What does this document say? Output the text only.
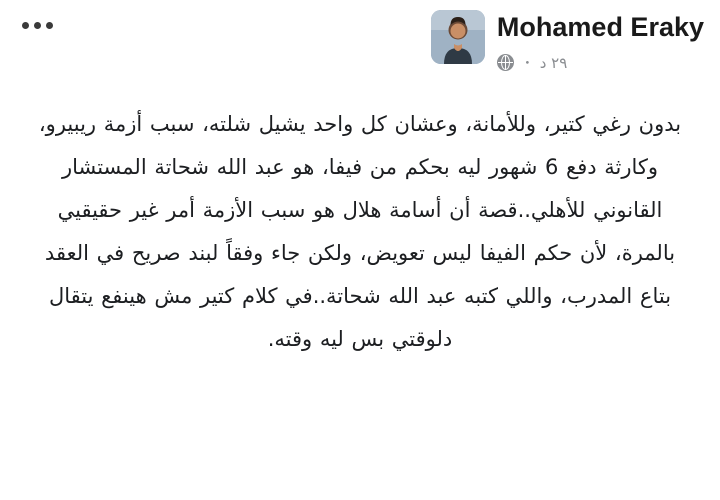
Mohamed Eraky
٢٩ د ・
بدون رغي كتير، وللأمانة، وعشان كل واحد يشيل شلته، سبب أزمة ريبيرو، وكارثة دفع 6 شهور ليه بحكم من فيفا، هو عبد الله شحاتة المستشار القانوني للأهلي..قصة أن أسامة هلال هو سبب الأزمة أمر غير حقيقيي بالمرة، لأن حكم الفيفا ليس تعويض، ولكن جاء وفقاً لبند صريح في العقد بتاع المدرب، واللي كتبه عبد الله شحاتة..في كلام كتير مش هينفع يتقال دلوقتي بس ليه وقته.
